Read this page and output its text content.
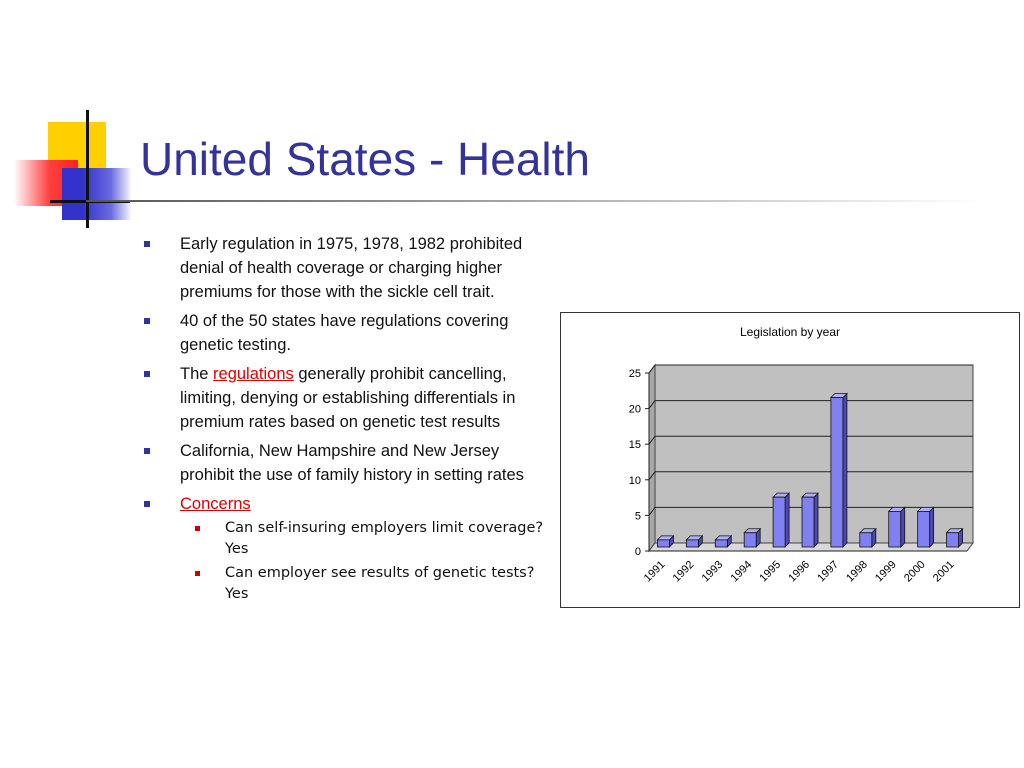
United States - Health
Early regulation in 1975, 1978, 1982 prohibited denial of health coverage or charging higher premiums for those with the sickle cell trait.
40 of the 50 states have regulations covering genetic testing.
The regulations generally prohibit cancelling, limiting, denying or establishing differentials in premium rates based on genetic test results
California, New Hampshire and New Jersey prohibit the use of family history in setting rates
Concerns
Can self-insuring employers limit coverage? Yes
Can employer see results of genetic tests? Yes
Legislation by year
0
5
10
15
20
25
1991 1992 1993 1994 1995 1996 1997 1998 1999 2000 2001
